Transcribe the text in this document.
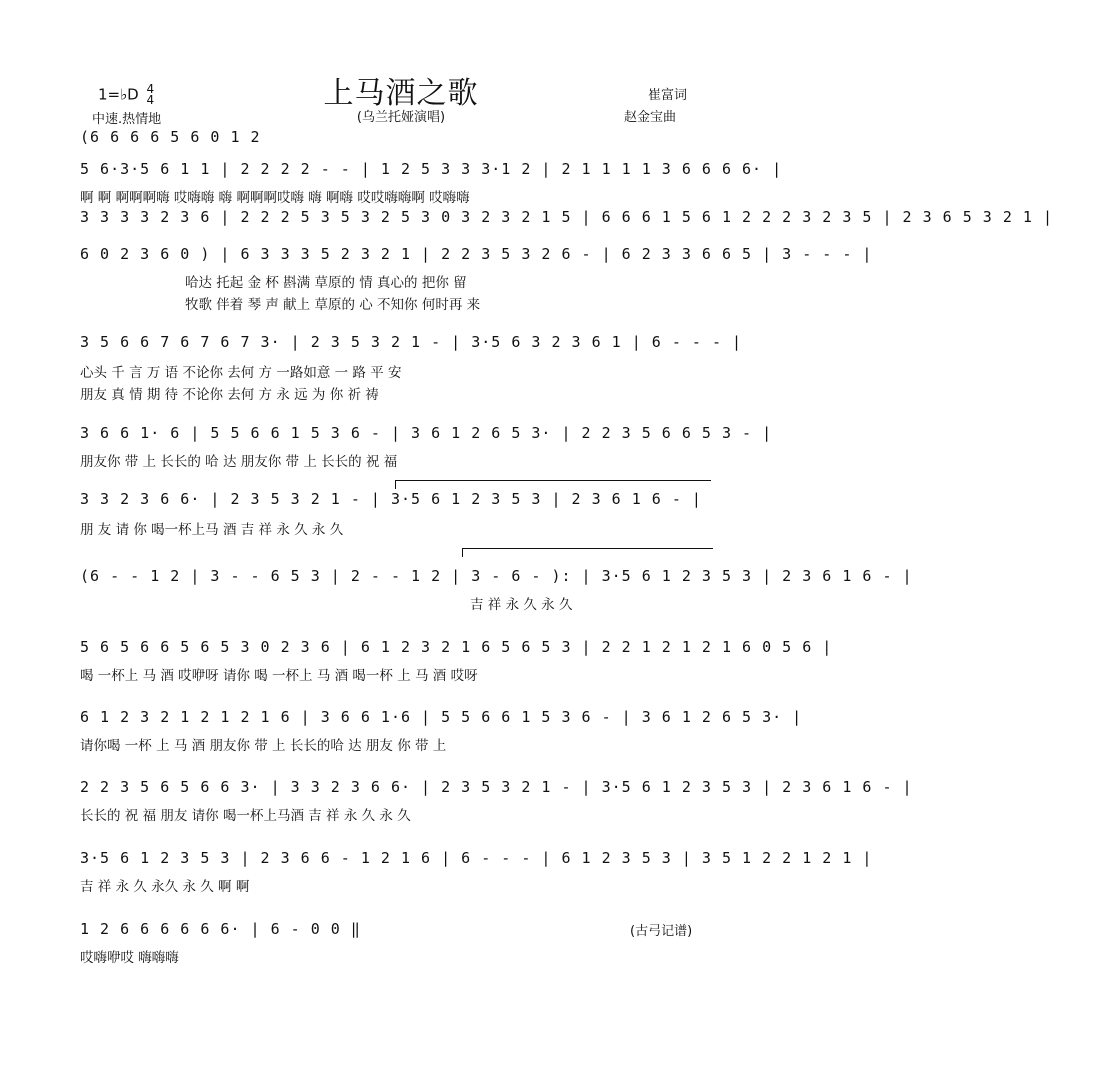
1=♭D 4
4
中速.热情地
上马酒之歌
(乌兰托娅演唱)
崔富词
赵金宝曲
(古弓记谱)
(6 6 6 6 5 6 0 1 2
5 6·3·5 6 1 1 | 2 2 2 2 - - | 1 2 5 3 3 3·1 2 | 2 1 1 1 1 3 6 6 6 6· |
啊 啊 啊啊啊嗨 哎嗨嗨 嗨 啊啊啊哎嗨 嗨 啊嗨 哎哎嗨嗨啊 哎嗨嗨
3 3 3 3 2 3 6 | 2 2 2 5 3 5 3 2 5 3 0 3 2 3 2 1 5 | 6 6 6 1 5 6 1 2 2 2 3 2 3 5 | 2 3 6 5 3 2 1 |
6 0 2 3 6 0 ) | 6 3 3 3 5 2 3 2 1 | 2 2 3 5 3 2 6 - | 6 2 3 3 6 6 5 | 3 - - - |
哈达 托起 金 杯 斟满 草原的 情 真心的 把你 留
牧歌 伴着 琴 声 献上 草原的 心 不知你 何时再 来
3 5 6 6 7 6 7 6 7 3· | 2 3 5 3 2 1 - | 3·5 6 3 2 3 6 1 | 6 - - - |
心头 千 言 万 语 不论你 去何 方 一路如意 一 路 平 安
朋友 真 情 期 待 不论你 去何 方 永 远 为 你 祈 祷
3 6 6 1· 6 | 5 5 6 6 1 5 3 6 - | 3 6 1 2 6 5 3· | 2 2 3 5 6 6 5 3 - |
朋友你 带 上 长长的 哈 达 朋友你 带 上 长长的 祝 福
3 3 2 3 6 6· | 2 3 5 3 2 1 - | 3·5 6 1 2 3 5 3 | 2 3 6 1 6 - |
朋 友 请 你 喝一杯上马 酒 吉 祥 永 久 永 久
(6 - - 1 2 | 3 - - 6 5 3 | 2 - - 1 2 | 3 - 6 - ): | 3·5 6 1 2 3 5 3 | 2 3 6 1 6 - |
吉 祥 永 久 永 久
5 6 5 6 6 5 6 5 3 0 2 3 6 | 6 1 2 3 2 1 6 5 6 5 3 | 2 2 1 2 1 2 1 6 0 5 6 |
喝 一杯上 马 酒 哎咿呀 请你 喝 一杯上 马 酒 喝一杯 上 马 酒 哎呀
6 1 2 3 2 1 2 1 2 1 6 | 3 6 6 1·6 | 5 5 6 6 1 5 3 6 - | 3 6 1 2 6 5 3· |
请你喝 一杯 上 马 酒 朋友你 带 上 长长的哈 达 朋友 你 带 上
2 2 3 5 6 5 6 6 3· | 3 3 2 3 6 6· | 2 3 5 3 2 1 - | 3·5 6 1 2 3 5 3 | 2 3 6 1 6 - |
长长的 祝 福 朋友 请你 喝一杯上马酒 吉 祥 永 久 永 久
3·5 6 1 2 3 5 3 | 2 3 6 6 - 1 2 1 6 | 6 - - - | 6 1 2 3 5 3 | 3 5 1 2 2 1 2 1 |
吉 祥 永 久 永久 永 久 啊 啊
1 2 6 6 6 6 6 6· | 6 - 0 0 ‖
哎嗨咿哎 嗨嗨嗨
